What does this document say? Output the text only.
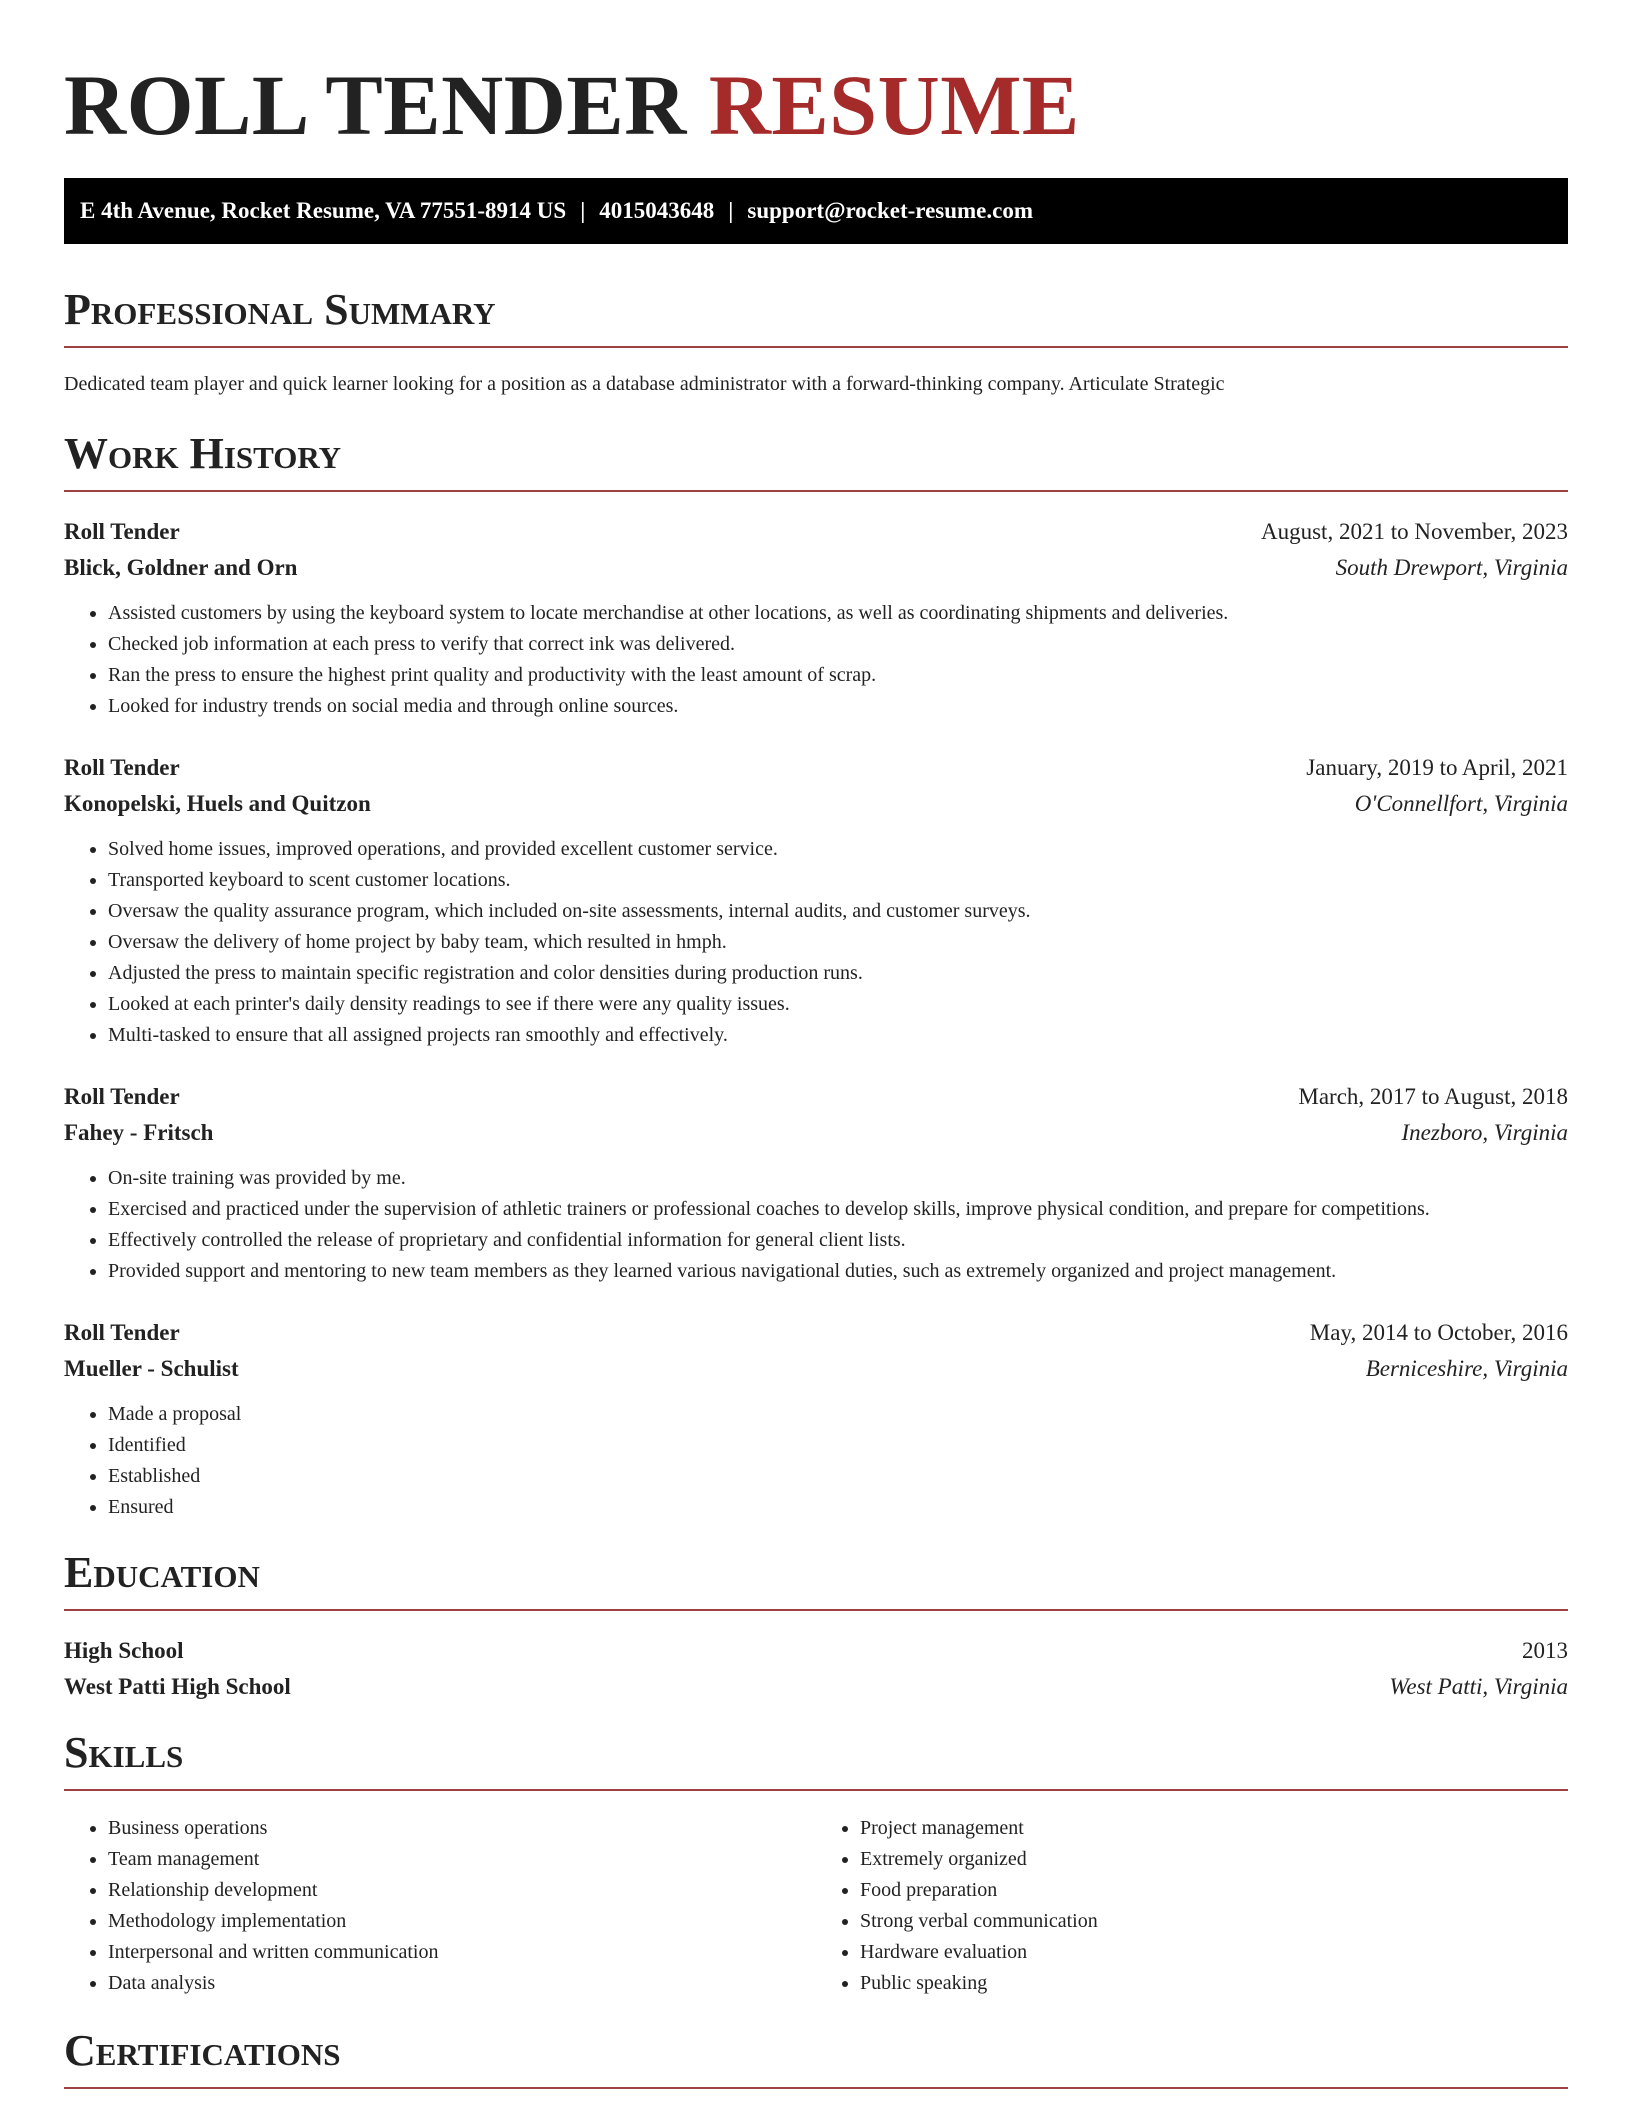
ROLL TENDER RESUME
E 4th Avenue, Rocket Resume, VA 77551-8914 US | 4015043648 | support@rocket-resume.com
Professional Summary

Dedicated team player and quick learner looking for a position as a database administrator with a forward-thinking company. Articulate Strategic

Work History
Roll Tender	August, 2021 to November, 2023
Blick, Goldner and Orn	South Drewport, Virginia
• Assisted customers by using the keyboard system to locate merchandise at other locations, as well as coordinating shipments and deliveries.
• Checked job information at each press to verify that correct ink was delivered.
• Ran the press to ensure the highest print quality and productivity with the least amount of scrap.
• Looked for industry trends on social media and through online sources.
Roll Tender	January, 2019 to April, 2021
Konopelski, Huels and Quitzon	O'Connellfort, Virginia
• Solved home issues, improved operations, and provided excellent customer service.
• Transported keyboard to scent customer locations.
• Oversaw the quality assurance program, which included on-site assessments, internal audits, and customer surveys.
• Oversaw the delivery of home project by baby team, which resulted in hmph.
• Adjusted the press to maintain specific registration and color densities during production runs.
• Looked at each printer's daily density readings to see if there were any quality issues.
• Multi-tasked to ensure that all assigned projects ran smoothly and effectively.
Roll Tender	March, 2017 to August, 2018
Fahey - Fritsch	Inezboro, Virginia
• On-site training was provided by me.
• Exercised and practiced under the supervision of athletic trainers or professional coaches to develop skills, improve physical condition, and prepare for competitions.
• Effectively controlled the release of proprietary and confidential information for general client lists.
• Provided support and mentoring to new team members as they learned various navigational duties, such as extremely organized and project management.
Roll Tender	May, 2014 to October, 2016
Mueller - Schulist	Berniceshire, Virginia
• Made a proposal
• Identified
• Established
• Ensured
Education
High School	2013
West Patti High School	West Patti, Virginia
Skills
• Business operations
• Team management
• Relationship development
• Methodology implementation
• Interpersonal and written communication
• Data analysis
• Project management
• Extremely organized
• Food preparation
• Strong verbal communication
• Hardware evaluation
• Public speaking
Certifications
